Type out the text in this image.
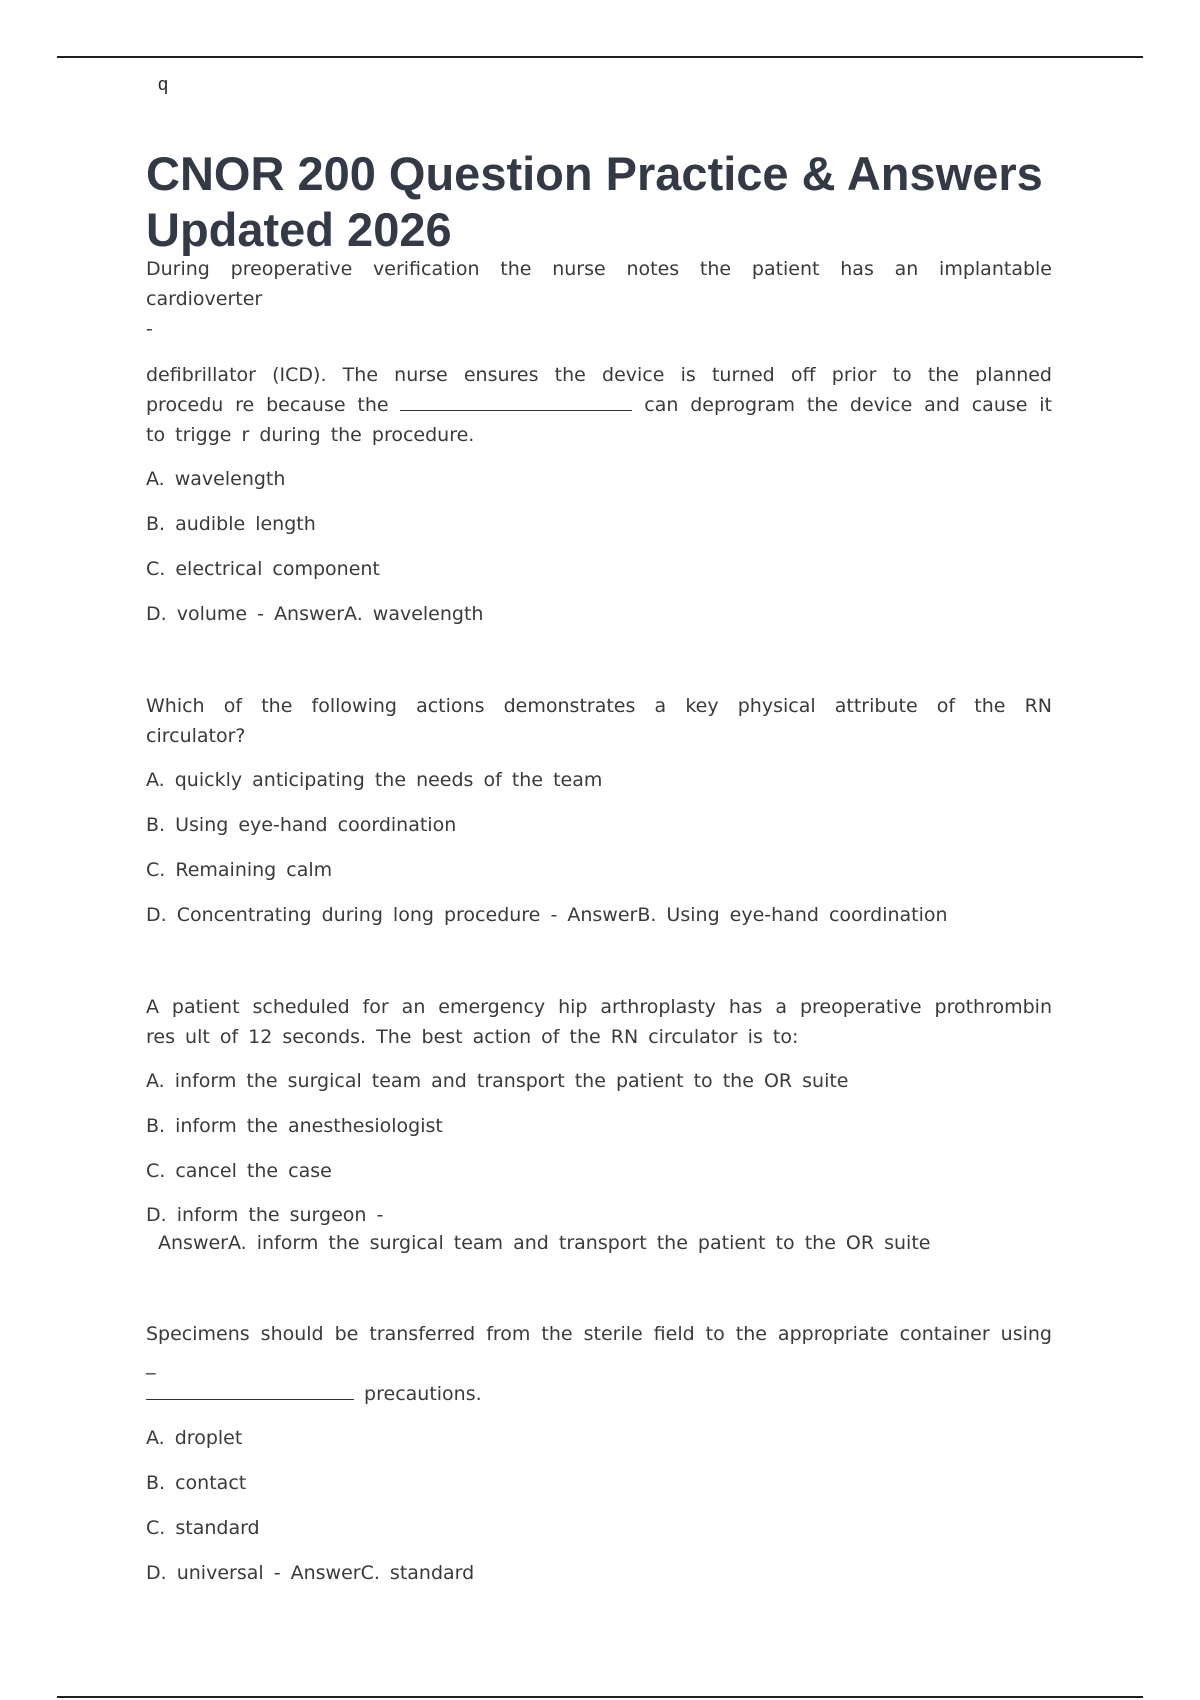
q
CNOR 200 Question Practice & Answers Updated 2026

During preoperative verification the nurse notes the patient has an implantable cardioverter
-

defibrillator (ICD). The nurse ensures the device is turned off prior to the planned procedu re because the	can deprogram the device and cause it to trigge r during the procedure.

A. wavelength

B. audible length

C. electrical component

D. volume - AnswerA. wavelength

Which of the following actions demonstrates a key physical attribute of the RN circulator?

A. quickly anticipating the needs of the team

B. Using eye-hand coordination

C. Remaining calm

D. Concentrating during long procedure - AnswerB. Using eye-hand coordination

A patient scheduled for an emergency hip arthroplasty has a preoperative prothrombin res ult of 12 seconds. The best action of the RN circulator is to:

A. inform the surgical team and transport the patient to the OR suite

B. inform the anesthesiologist

C. cancel the case

D. inform the surgeon -
AnswerA. inform the surgical team and transport the patient to the OR suite

Specimens should be transferred from the sterile field to the appropriate container using _
precautions.

A. droplet

B. contact

C. standard

D. universal - AnswerC. standard
